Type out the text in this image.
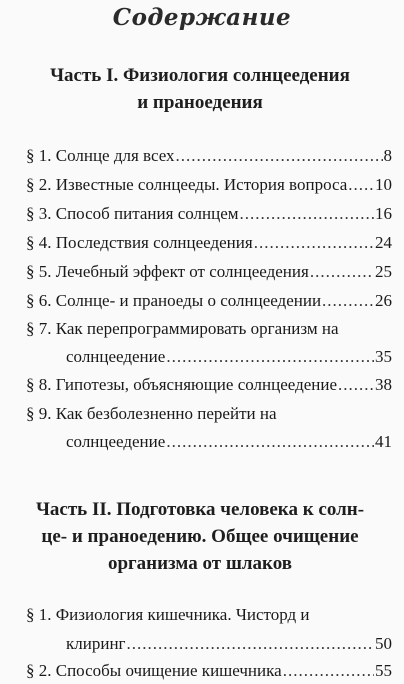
Содержание
Часть I. Физиология солнцеедения
и праноедения
§ 1. Солнце для всех .....	8
§ 2. Известные солнцееды. История вопроса ..... 10
§ 3. Способ питания солнцем .....	16
§ 4. Последствия солнцеедения .....	24
§ 5. Лечебный эффект от солнцеедения .....	25
§ 6. Солнце- и праноеды о солнцеедении .....	26
§ 7. Как перепрограммировать организм на
солнцеедение .....	35
§ 8. Гипотезы, объясняющие солнцеедение ..... 38
§ 9. Как безболезненно перейти на
солнцеедение .....	41
Часть II. Подготовка человека к солн-
це- и праноедению. Общее очищение
организма от шлаков
§ 1. Физиология кишечника. Чисторд и
клиринг .....	50
§ 2. Способы очищение кишечника .....	55
